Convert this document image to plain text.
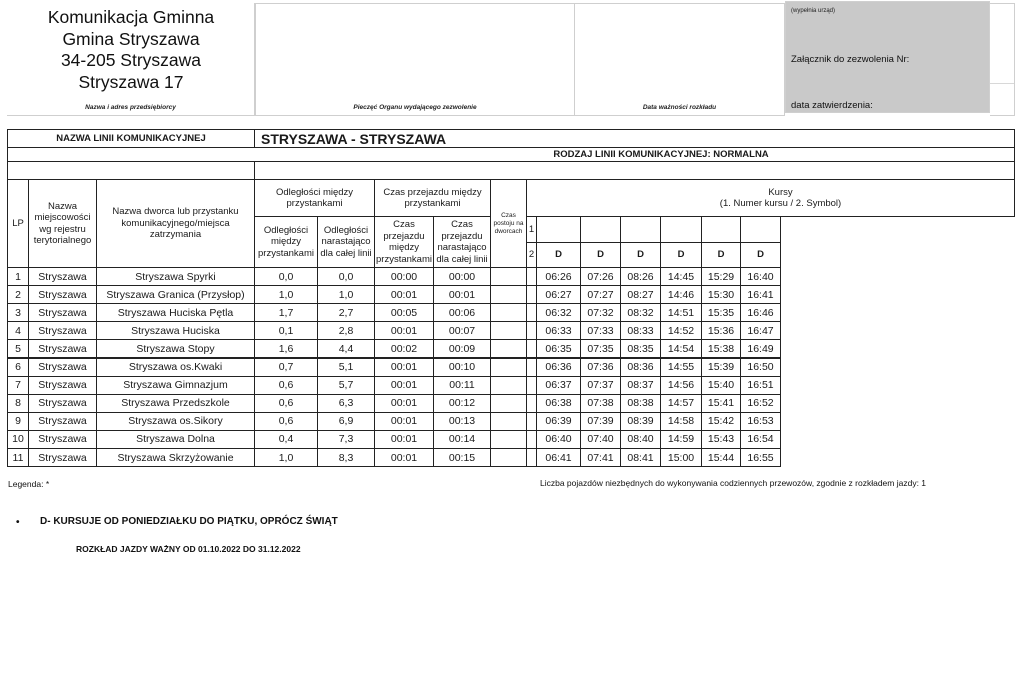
Komunikacja Gminna
Gmina Stryszawa
34-205 Stryszawa
Stryszawa 17
Nazwa i adres przedsiębiorcy	Pieczęć Organu wydającego zezwolenie	Data ważności rozkładu
(wypełnia urząd)
Załącznik do zezwolenia Nr:
data zatwierdzenia:
NAZWA LINII KOMUNIKACYJNEJ	STRYSZAWA - STRYSZAWA
RODZAJ LINII KOMUNIKACYJNEJ: NORMALNA
LP
Nazwa miejscowości wg rejestru terytorialnego
Nazwa dworca lub przystanku komunikacyjnego/miejsca zatrzymania
Odległości między przystankami
Odległości między przystankami
Odległości narastająco dla całej linii
Czas przejazdu między przystankami
Czas przejazdu między przystankami
Czas przejazdu narastająco dla całej linii
Czas postoju na dworcach
Kursy
(1. Numer kursu / 2. Symbol)
1
2	D	D	D	D	D	D
1	Stryszawa	Stryszawa Spyrki	0,0	0,0	00:00	00:00	06:26	07:26	08:26	14:45	15:29	16:40
2	Stryszawa	Stryszawa Granica (Przysłop)	1,0	1,0	00:01	00:01	06:27	07:27	08:27	14:46	15:30	16:41
3	Stryszawa	Stryszawa Huciska Pętla	1,7	2,7	00:05	00:06	06:32	07:32	08:32	14:51	15:35	16:46
4	Stryszawa	Stryszawa Huciska	0,1	2,8	00:01	00:07	06:33	07:33	08:33	14:52	15:36	16:47
5	Stryszawa	Stryszawa Stopy	1,6	4,4	00:02	00:09	06:35	07:35	08:35	14:54	15:38	16:49
6	Stryszawa	Stryszawa os.Kwaki	0,7	5,1	00:01	00:10	06:36	07:36	08:36	14:55	15:39	16:50
7	Stryszawa	Stryszawa Gimnazjum	0,6	5,7	00:01	00:11	06:37	07:37	08:37	14:56	15:40	16:51
8	Stryszawa	Stryszawa Przedszkole	0,6	6,3	00:01	00:12	06:38	07:38	08:38	14:57	15:41	16:52
9	Stryszawa	Stryszawa os.Sikory	0,6	6,9	00:01	00:13	06:39	07:39	08:39	14:58	15:42	16:53
10	Stryszawa	Stryszawa Dolna	0,4	7,3	00:01	00:14	06:40	07:40	08:40	14:59	15:43	16:54
11	Stryszawa	Stryszawa Skrzyżowanie	1,0	8,3	00:01	00:15	06:41	07:41	08:41	15:00	15:44	16:55
Legenda: *	Liczba pojazdów niezbędnych do wykonywania codziennych przewozów, zgodnie z rozkładem jazdy: 1
• D- KURSUJE OD PONIEDZIAŁKU DO PIĄTKU, OPRÓCZ ŚWIĄT
ROZKŁAD JAZDY WAŻNY OD 01.10.2022 DO 31.12.2022
